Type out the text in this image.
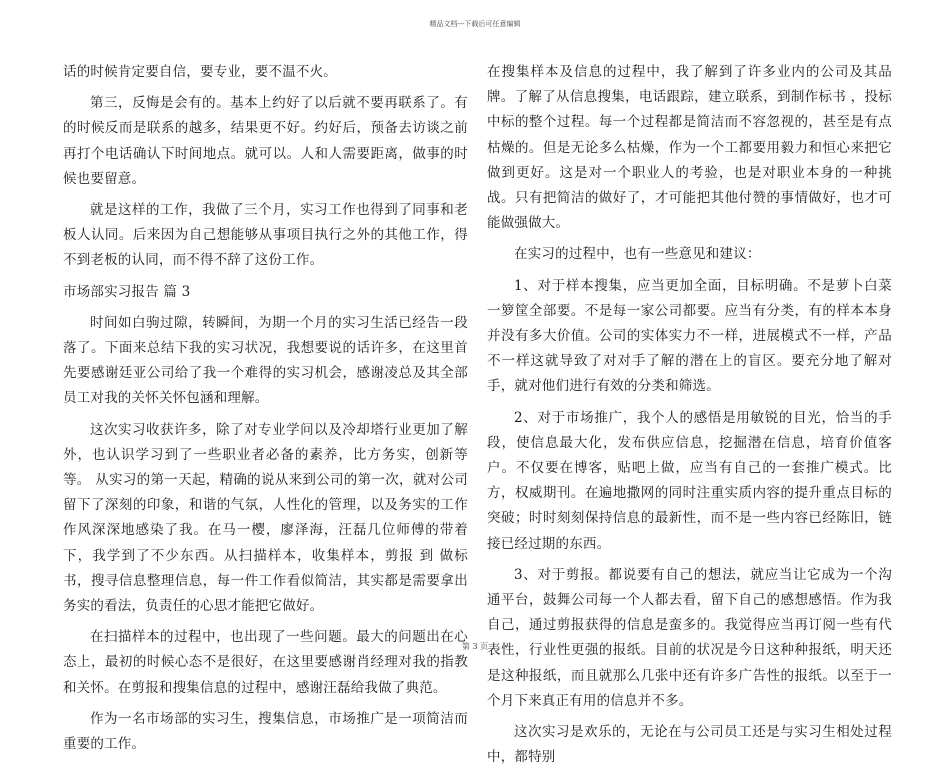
精品文档---下载后可任意编辑

话的时候肯定要自信，要专业，要不温不火。

第三，反悔是会有的。基本上约好了以后就不要再联系了。有的时候反而是联系的越多，结果更不好。约好后，预备去访谈之前再打个电话确认下时间地点。就可以。人和人需要距离，做事的时候也要留意。

就是这样的工作，我做了三个月，实习工作也得到了同事和老板人认同。后来因为自己想能够从事项目执行之外的其他工作，得不到老板的认同，而不得不辞了这份工作。

市场部实习报告 篇 3

时间如白驹过隙，转瞬间，为期一个月的实习生活已经告一段落了。下面来总结下我的实习状况，我想要说的话许多，在这里首先要感谢廷亚公司给了我一个难得的实习机会，感谢凌总及其全部员工对我的关怀关怀包涵和理解。

这次实习收获许多，除了对专业学问以及冷却塔行业更加了解外，也认识学习到了一些职业者必备的素养，比方务实，创新等等。 从实习的第一天起，精确的说从来到公司的第一次，就对公司留下了深刻的印象，和谐的气氛，人性化的管理，以及务实的工作作风深深地感染了我。在马一樱，廖泽海，汪磊几位师傅的带着下，我学到了不少东西。从扫描样本，收集样本，剪报 到 做标书，搜寻信息整理信息，每一件工作看似简洁，其实都是需要拿出务实的看法，负责任的心思才能把它做好。

在扫描样本的过程中，也出现了一些问题。最大的问题出在心态上，最初的时候心态不是很好，在这里要感谢肖经理对我的指教和关怀。在剪报和搜集信息的过程中，感谢汪磊给我做了典范。

作为一名市场部的实习生，搜集信息，市场推广是一项简洁而重要的工作。

在搜集样本及信息的过程中，我了解到了许多业内的公司及其品牌。了解了从信息搜集，电话跟踪，建立联系，到制作标书 ，投标中标的整个过程。每一个过程都是简洁而不容忽视的，甚至是有点枯燥的。但是无论多么枯燥，作为一个工都要用毅力和恒心来把它做到更好。这是对一个职业人的考验，也是对职业本身的一种挑战。只有把简洁的做好了，才可能把其他付赞的事情做好，也才可能做强做大。

在实习的过程中，也有一些意见和建议：

1、对于样本搜集，应当更加全面，目标明确。不是萝卜白菜一箩筐全部要。不是每一家公司都要。应当有分类，有的样本本身并没有多大价值。公司的实体实力不一样，进展模式不一样，产品不一样这就导致了对对手了解的潜在上的盲区。要充分地了解对手，就对他们进行有效的分类和筛选。

2、对于市场推广，我个人的感悟是用敏锐的目光，恰当的手段，使信息最大化，发布供应信息，挖掘潜在信息，培育价值客户。不仅要在博客，贴吧上做，应当有自己的一套推广模式。比方，权威期刊。在遍地撒网的同时注重实质内容的提升重点目标的突破；时时刻刻保持信息的最新性，而不是一些内容已经陈旧，链接已经过期的东西。

3、对于剪报。都说要有自己的想法，就应当让它成为一个沟通平台，鼓舞公司每一个人都去看，留下自己的感想感悟。作为我自己，通过剪报获得的信息是蛮多的。我觉得应当再订阅一些有代表性，行业性更强的报纸。目前的状况是今日这种种报纸，明天还是这种报纸，而且就那么几张中还有许多广告性的报纸。以至于一个月下来真正有用的信息并不多。

这次实习是欢乐的，无论在与公司员工还是与实习生相处过程中，都特别

第 3 页
